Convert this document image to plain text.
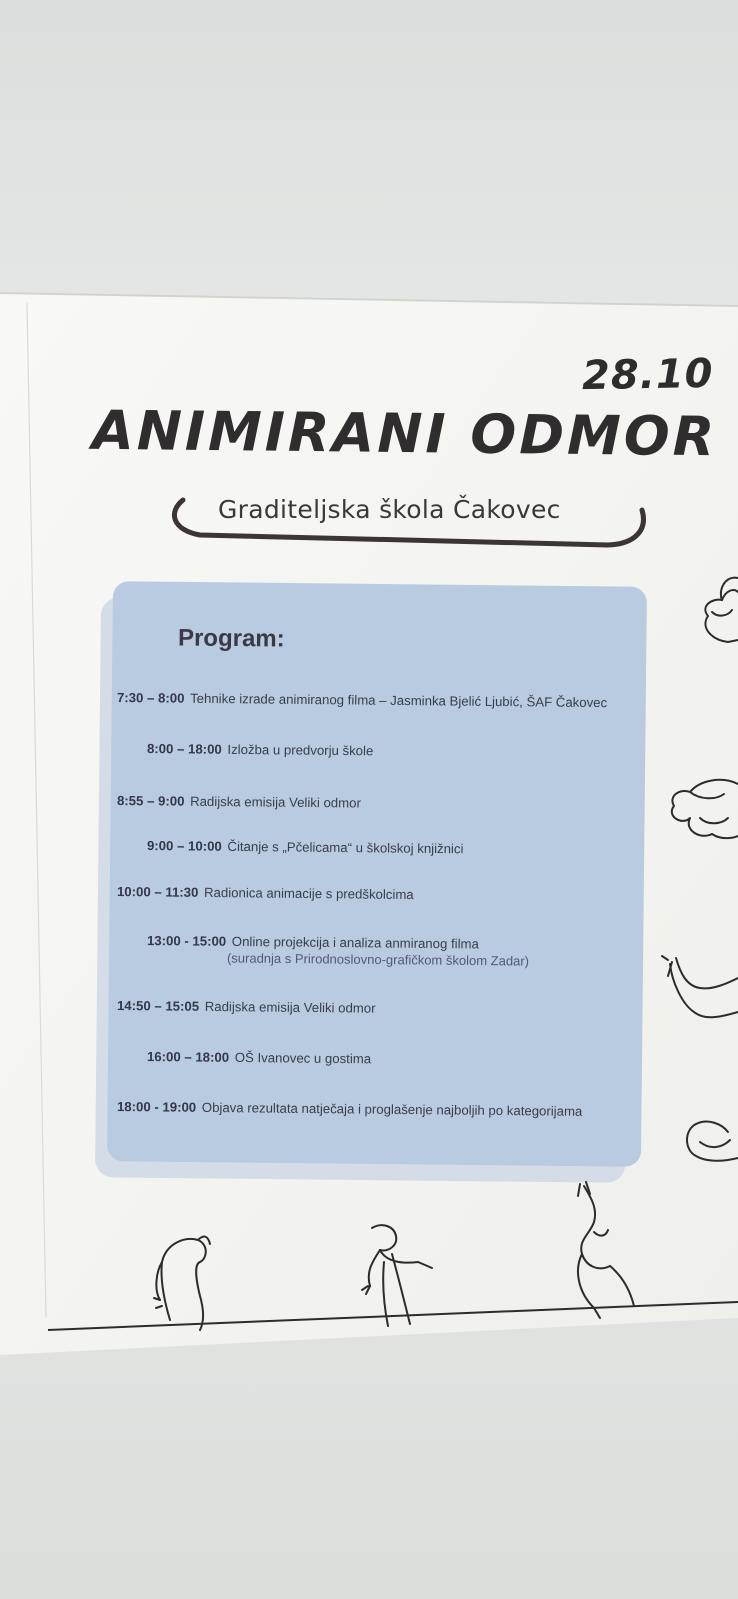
28.10
ANIMIRANI ODMOR
Graditeljska škola Čakovec
Program:
7:30 – 8:00 Tehnike izrade animiranog filma – Jasminka Bjelić Ljubić, ŠAF Čakovec
8:00 – 18:00 Izložba u predvorju škole
8:55 – 9:00 Radijska emisija Veliki odmor
9:00 – 10:00 Čitanje s „Pčelicama“ u školskoj knjižnici
10:00 – 11:30 Radionica animacije s predškolcima
13:00 - 15:00 Online projekcija i analiza anmiranog filma
(suradnja s Prirodnoslovno-grafičkom školom Zadar)
14:50 – 15:05 Radijska emisija Veliki odmor
16:00 – 18:00 OŠ Ivanovec u gostima
18:00 - 19:00 Objava rezultata natječaja i proglašenje najboljih po kategorijama
